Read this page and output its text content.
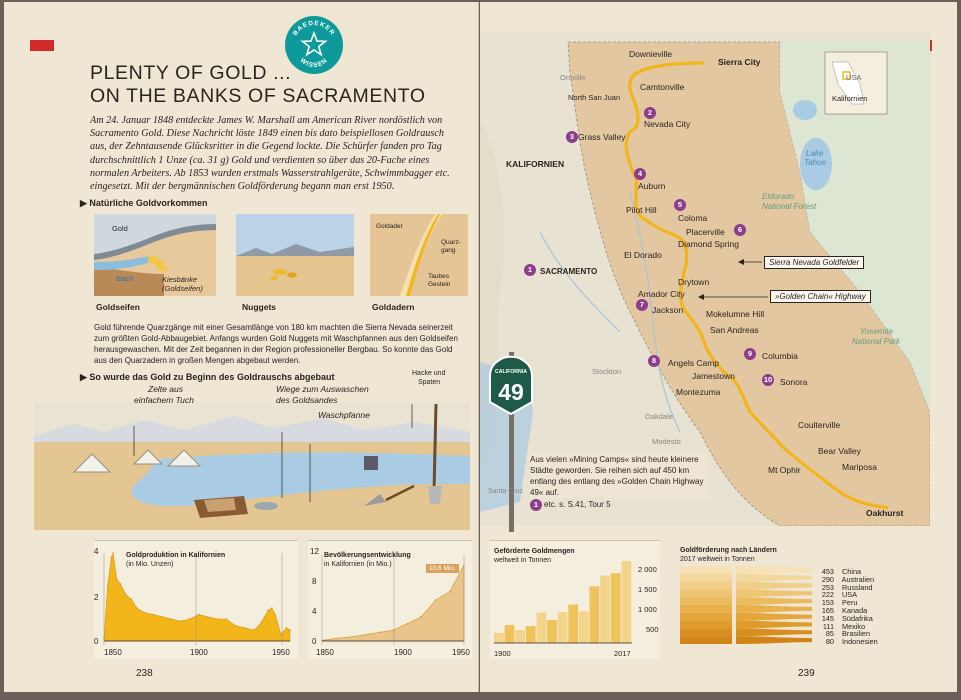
BAEDEKER
WISSEN
PLENTY OF GOLD ...
ON THE BANKS OF SACRAMENTO

Am 24. Januar 1848 entdeckte James W. Marshall am American River nordöstlich von Sacramento Gold. Diese Nachricht löste 1849 einen bis dato beispiellosen Goldrausch aus, der Zehntausende Glücksritter in die Gegend lockte. Die Schürfer fanden pro Tag durchschnittlich 1 Unze (ca. 31 g) Gold und verdienten so über das 20-Fache eines normalen Arbeiters. Ab 1853 wurden erstmals Wasserstrahlgeräte, Schwimmbagger etc. eingesetzt. Mit der bergmännischen Goldförderung begann man erst 1950.

▶ Natürliche Goldvorkommen
Gold
Bach	Kiesbänke
(Goldseifen)
Goldseifen	Nuggets
Goldader
Quarz-
gang
Taubes
Gestein
Goldadern

Gold führende Quarzgänge mit einer Gesamtlänge von 180 km machten die Sierra Nevada seinerzeit zum größten Gold-Abbaugebiet. Anfangs wurden Gold Nuggets mit Waschpfannen aus den Goldseifen herausgewaschen. Mit der Zeit begannen in der Region professioneller Bergbau. So konnte das Gold aus den Quarzadern in großen Mengen abgebaut werden.

▶ So wurde das Gold zu Beginn des Goldrauschs abgebaut
Zelte aus
einfachem Tuch
Wiege zum Auswaschen
des Goldsandes
Waschpfanne
Hacke und
Spaten
Goldproduktion in Kalifornien
(in Mio. Unzen)
4
2
0
1850	1900	1950
Bevölkerungsentwicklung
in Kalifornien (in Mio.)
12
8
4
0
10,6 Mio.
1850	1900	1950
238
CALIFORNIA
49
KALIFORNIEN
USA
Kalifornien
Downieville
Sierra City
Camtonville
North San Juan
Nevada City
Grass Valley
Auburn
Pilot Hill
Coloma
Placerville
Diamond Spring
El Dorado
SACRAMENTO
Drytown
Amador City
Jackson	Mokelumne Hill
San Andreas
Angels Camp
Columbia
Jamestown
Montezuma
Sonora
Coulterville
Bear Valley
Mt Ophir	Mariposa
Oakhurst
Oroville
Stockton
Oakdale
Modesto
Santa Cruz
Lake
Tahoe
Eldorado
National Forest
Yosemite
National Park
Sierra Nevada Goldfelder
»Golden Chain« Highway
1
2
3
4
5
6
7
8
9
10
Aus vielen »Mining Camps« sind heute kleinere Städte geworden. Sie reihen sich auf 450 km entlang des entlang des »Golden Chain Highway 49« auf.
1 etc. s. S.41, Tour 5
Geförderte Goldmengen
weltweit in Tonnen
2 000
1 500
1 000
500
1900	2017
Goldförderung nach Ländern
2017 weltweit in Tonnen
453 China
290 Australien
253 Russland
222 USA
153 Peru
165 Kanada
145 Südafrika
111 Mexiko
85 Brasilien
80 Indonesien
239
